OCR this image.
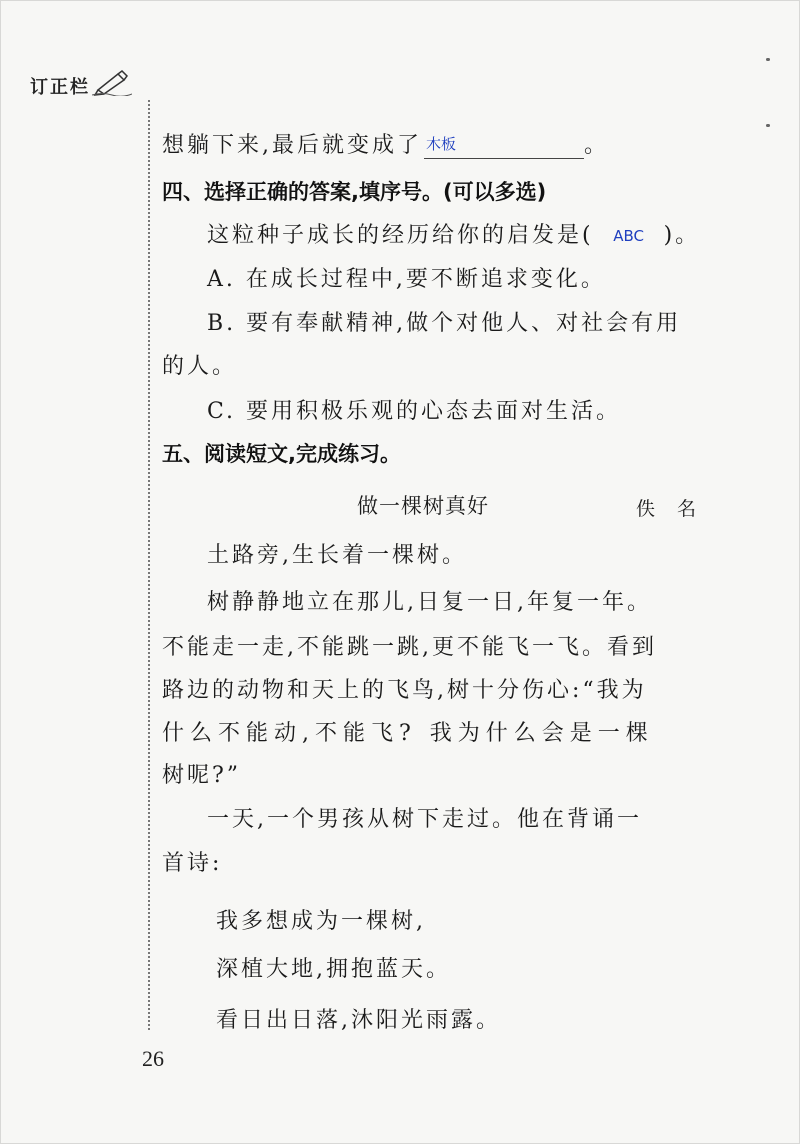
订正栏
想躺下来,最后就变成了 木板	。
四、选择正确的答案,填序号。(可以多选)
这粒种子成长的经历给你的启发是( ABC )。
A. 在成长过程中,要不断追求变化。
B. 要有奉献精神,做个对他人、对社会有用
的人。
C. 要用积极乐观的心态去面对生活。
五、阅读短文,完成练习。
做一棵树真好	佚名
土路旁,生长着一棵树。
树静静地立在那儿,日复一日,年复一年。
不能走一走,不能跳一跳,更不能飞一飞。看到
路边的动物和天上的飞鸟,树十分伤心:“我为
什么不能动,不能飞? 我为什么会是一棵
树呢?”
一天,一个男孩从树下走过。他在背诵一
首诗:
我多想成为一棵树,
深植大地,拥抱蓝天。
看日出日落,沐阳光雨露。
26
